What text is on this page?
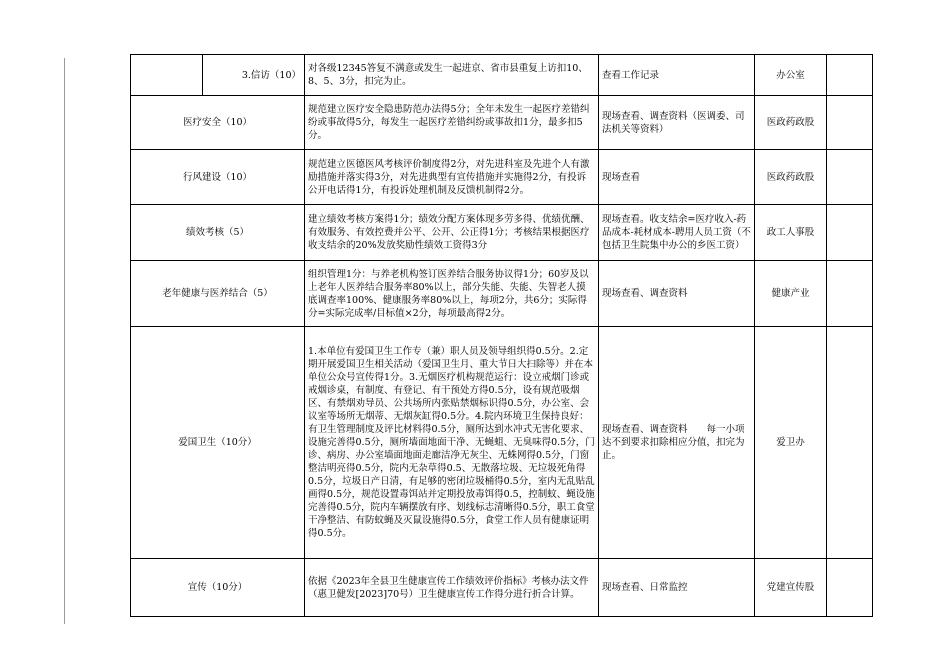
	3.信访（10）	对各级12345答复不满意或发生一起进京、省市县重复上访扣10、8、5、3分，扣完为止。	查看工作记录	办公室	
医疗安全（10）		规范建立医疗安全隐患防范办法得5分；全年未发生一起医疗差错纠纷或事故得5分，每发生一起医疗差错纠纷或事故扣1分，最多扣5分。	现场查看、调查资料（医调委、司法机关等资料）	医政药政股	
行风建设（10）		规范建立医德医风考核评价制度得2分，对先进科室及先进个人有激励措施并落实得3分，对先进典型有宣传措施并实施得2分，有投诉公开电话得1分，有投诉处理机制及反馈机制得2分。	现场查看	医政药政股	
绩效考核（5）		建立绩效考核方案得1分；绩效分配方案体现多劳多得、优绩优酬、有效服务、有效控费并公平、公开、公正得1分；考核结果根据医疗收支结余的20%发放奖励性绩效工资得3分	现场查看。收支结余=医疗收入-药品成本-耗材成本-聘用人员工资（不包括卫生院集中办公的乡医工资）	政工人事股	
老年健康与医养结合（5）		组织管理1分：与养老机构签订医养结合服务协议得1分；60岁及以上老年人医养结合服务率80%以上，部分失能、失能、失智老人摸底调查率100%、健康服务率80%以上，每项2分，共6分；实际得分=实际完成率/目标值×2分，每项最高得2分。	现场查看、调查资料	健康产业	
爱国卫生（10分）		1.本单位有爱国卫生工作专（兼）职人员及领导组织得0.5分。2.定期开展爱国卫生相关活动（爱国卫生月、重大节日大扫除等）并在本单位公众号宣传得1分。3.无烟医疗机构规范运行：设立戒烟门诊或戒烟诊桌，有制度、有登记、有干预处方得0.5分，设有规范吸烟区、有禁烟劝导员、公共场所内张贴禁烟标识得0.5分，办公室、会议室等场所无烟蒂、无烟灰缸得0.5分。4.院内环境卫生保持良好：有卫生管理制度及评比材料得0.5分，厕所达到水冲式无害化要求、设施完善得0.5分，厕所墙面地面干净、无蝇蛆、无臭味得0.5分，门诊、病房、办公室墙面地面走廊洁净无灰尘、无蛛网得0.5分，门窗整洁明亮得0.5分，院内无杂草得0.5、无散落垃圾、无垃圾死角得0.5分，垃圾日产日清，有足够的密闭垃圾桶得0.5分，室内无乱贴乱画得0.5分，规范设置毒饵站并定期投放毒饵得0.5，控制蚊、蝇设施完善得0.5分，院内车辆摆放有序、划线标志清晰得0.5分，职工食堂干净整洁、有防蚊蝇及灭鼠设施得0.5分，食堂工作人员有健康证明得0.5分。	现场查看、调查资料　　每一小项达不到要求扣除相应分值，扣完为止。	爱卫办	
宣传（10分）		依据《2023年全县卫生健康宣传工作绩效评价指标》考核办法文件（惠卫健发[2023]70号）卫生健康宣传工作得分进行折合计算。	现场查看、日常监控	党建宣传股	
